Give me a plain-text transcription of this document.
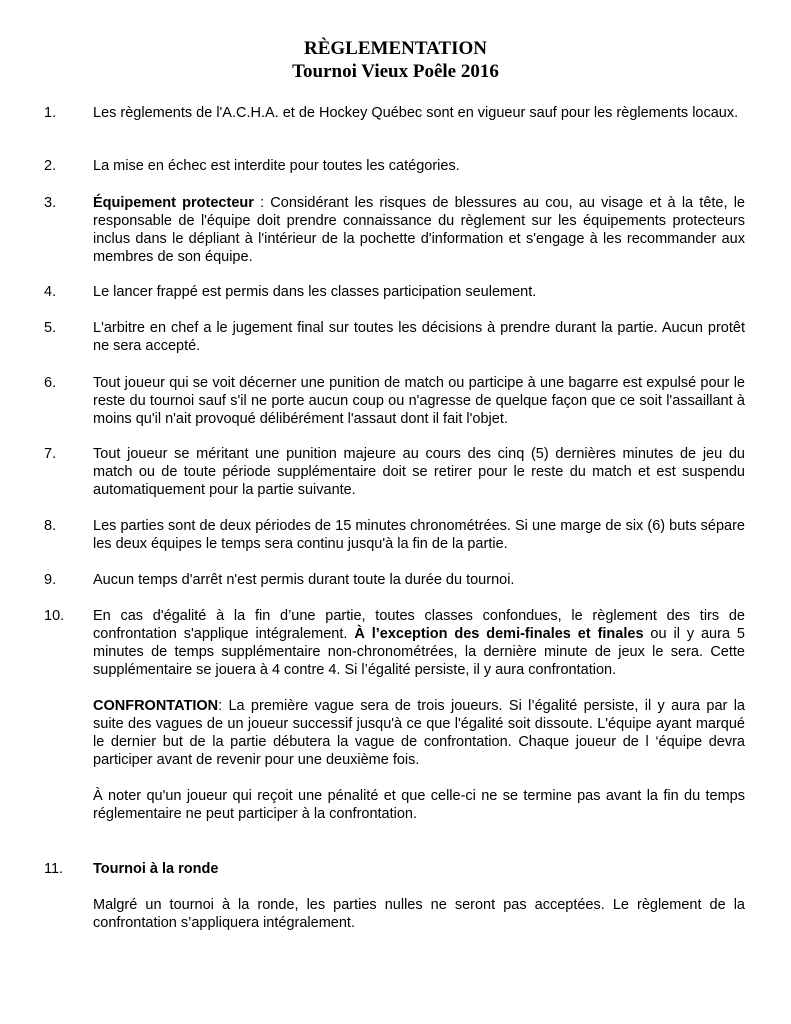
RÈGLEMENTATION
Tournoi Vieux Poêle 2016
1.	Les règlements de l'A.C.H.A. et de Hockey Québec sont en vigueur sauf pour les règlements locaux.

2.	La mise en échec est interdite pour toutes les catégories.

3.	Équipement protecteur : Considérant les risques de blessures au cou, au visage et à la tête, le responsable de l'équipe doit prendre connaissance du règlement sur les équipements protecteurs inclus dans le dépliant à l'intérieur de la pochette d'information et s'engage à les recommander aux membres de son équipe.

4.	Le lancer frappé est permis dans les classes participation seulement.

5.	L'arbitre en chef a le jugement final sur toutes les décisions à prendre durant la partie. Aucun protêt ne sera accepté.

6.	Tout joueur qui se voit décerner une punition de match ou participe à une bagarre est expulsé pour le reste du tournoi sauf s'il ne porte aucun coup ou n'agresse de quelque façon que ce soit l'assaillant à moins qu'il n'ait provoqué délibérément l'assaut dont il fait l'objet.

7.	Tout joueur se méritant une punition majeure au cours des cinq (5) dernières minutes de jeu du match ou de toute période supplémentaire doit se retirer pour le reste du match et est suspendu automatiquement pour la partie suivante.

8.	Les parties sont de deux périodes de 15 minutes chronométrées. Si une marge de six (6) buts sépare les deux équipes le temps sera continu jusqu'à la fin de la partie.

9.	Aucun temps d'arrêt n'est permis durant toute la durée du tournoi.

10.	En cas d'égalité à la fin d’une partie, toutes classes confondues, le règlement des tirs de confrontation s'applique intégralement. À l’exception des demi-finales et finales ou il y aura 5 minutes de temps supplémentaire non-chronométrées, la dernière minute de jeux le sera. Cette supplémentaire se jouera à 4 contre 4. Si l’égalité persiste, il y aura confrontation.

CONFRONTATION: La première vague sera de trois joueurs. Si l’égalité persiste, il y aura par la suite des vagues de un joueur successif jusqu'à ce que l'égalité soit dissoute. L'équipe ayant marqué le dernier but de la partie débutera la vague de confrontation. Chaque joueur de l ‘équipe devra participer avant de revenir pour une deuxième fois.

À noter qu'un joueur qui reçoit une pénalité et que celle-ci ne se termine pas avant la fin du temps réglementaire ne peut participer à la confrontation.

11.	Tournoi à la ronde

Malgré un tournoi à la ronde, les parties nulles ne seront pas acceptées. Le règlement de la confrontation s’appliquera intégralement.
